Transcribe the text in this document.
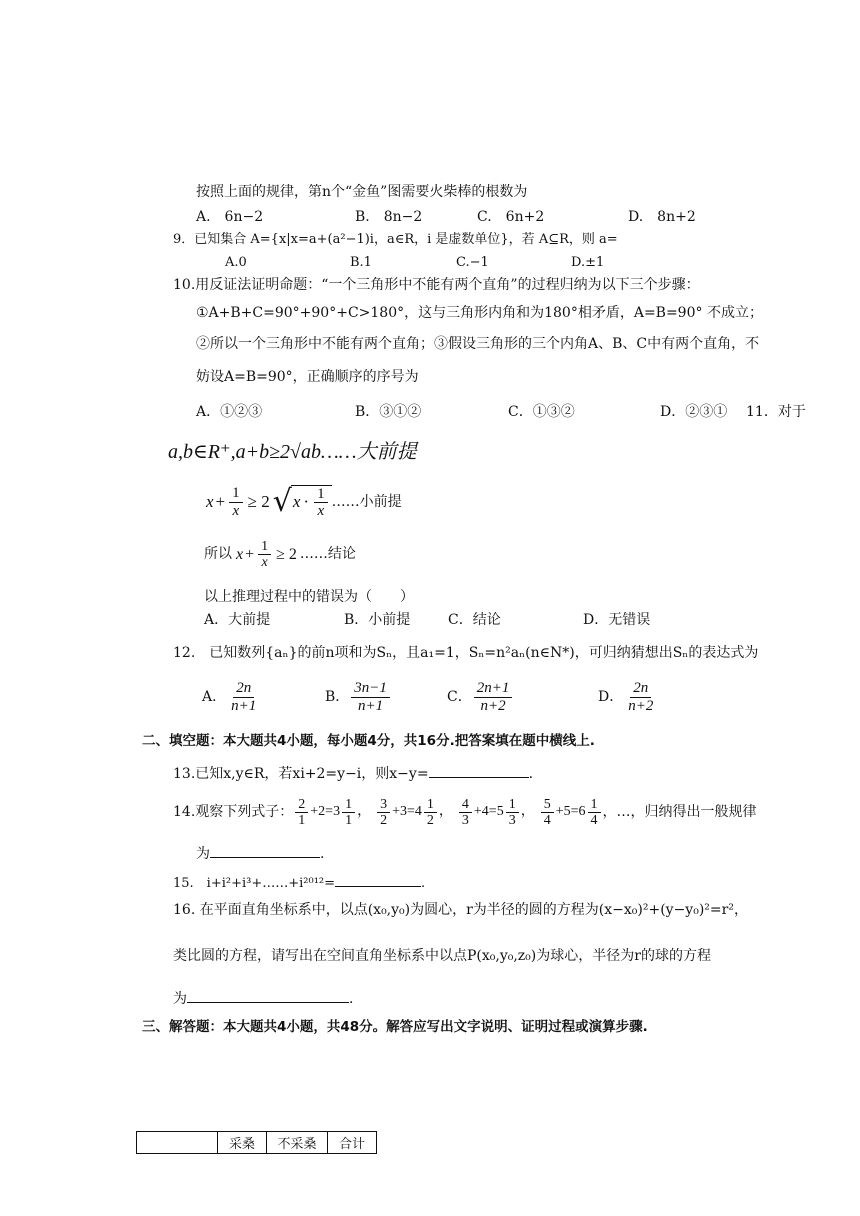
按照上面的规律，第n个“金鱼”图需要火柴棒的根数为
A.　6n−2	B.　8n−2	C.　6n+2	D.　8n+2
9．已知集合 A={x|x=a+(a²−1)i，a∈R，i 是虚数单位}，若 A⊆R，则 a=
A.0	B.1	C.−1	D.±1
10.用反证法证明命题：“一个三角形中不能有两个直角”的过程归纳为以下三个步骤：
①A+B+C=90°+90°+C>180°，这与三角形内角和为180°相矛盾，A=B=90° 不成立；
②所以一个三角形中不能有两个直角；③假设三角形的三个内角A、B、C中有两个直角，不
妨设A=B=90°，正确顺序的序号为
A．①②③	B．③①②	C．①③②	D．②③① 11．对于
a,b∈R⁺,a+b≥2√ab……大前提
$x + \frac{1}{x} \ge 2$ √ $x \cdot \frac{1}{x}$ ……小前提
所以 $x + \frac{1}{x} \ge 2$ ……结论
以上推理过程中的错误为（　　）
A．大前提	B．小前提	C．结论	D．无错误
12.　已知数列{aₙ}的前n项和为Sₙ，且a₁=1，Sₙ=n²aₙ(n∈N*)，可归纳猜想出Sₙ的表达式为
A． $\frac{2n}{n+1}$	B． $\frac{3n-1}{n+1}$	C． $\frac{2n+1}{n+2}$	D． $\frac{2n}{n+2}$
二、填空题：本大题共4小题，每小题4分，共16分.把答案填在题中横线上.
13.已知x,y∈R，若xi+2=y−i，则x−y=	.
14.观察下列式子： $\frac{2}{1} + 2 = 3 \frac{1}{1}$ ， $\frac{3}{2} + 3 = 4 \frac{1}{2}$ ， $\frac{4}{3} + 4 = 5 \frac{1}{3}$ ， $\frac{5}{4} + 5 = 6 \frac{1}{4}$ ，…，归纳得出一般规律
为	.
15.　i+i²+i³+……+i²⁰¹²=	.
16. 在平面直角坐标系中，以点(x₀,y₀)为圆心，r为半径的圆的方程为(x−x₀)²+(y−y₀)²=r²，
类比圆的方程，请写出在空间直角坐标系中以点P(x₀,y₀,z₀)为球心，半径为r的球的方程
为	.
三、解答题：本大题共4小题，共48分。解答应写出文字说明、证明过程或演算步骤.
	采桑	不采桑	合计
